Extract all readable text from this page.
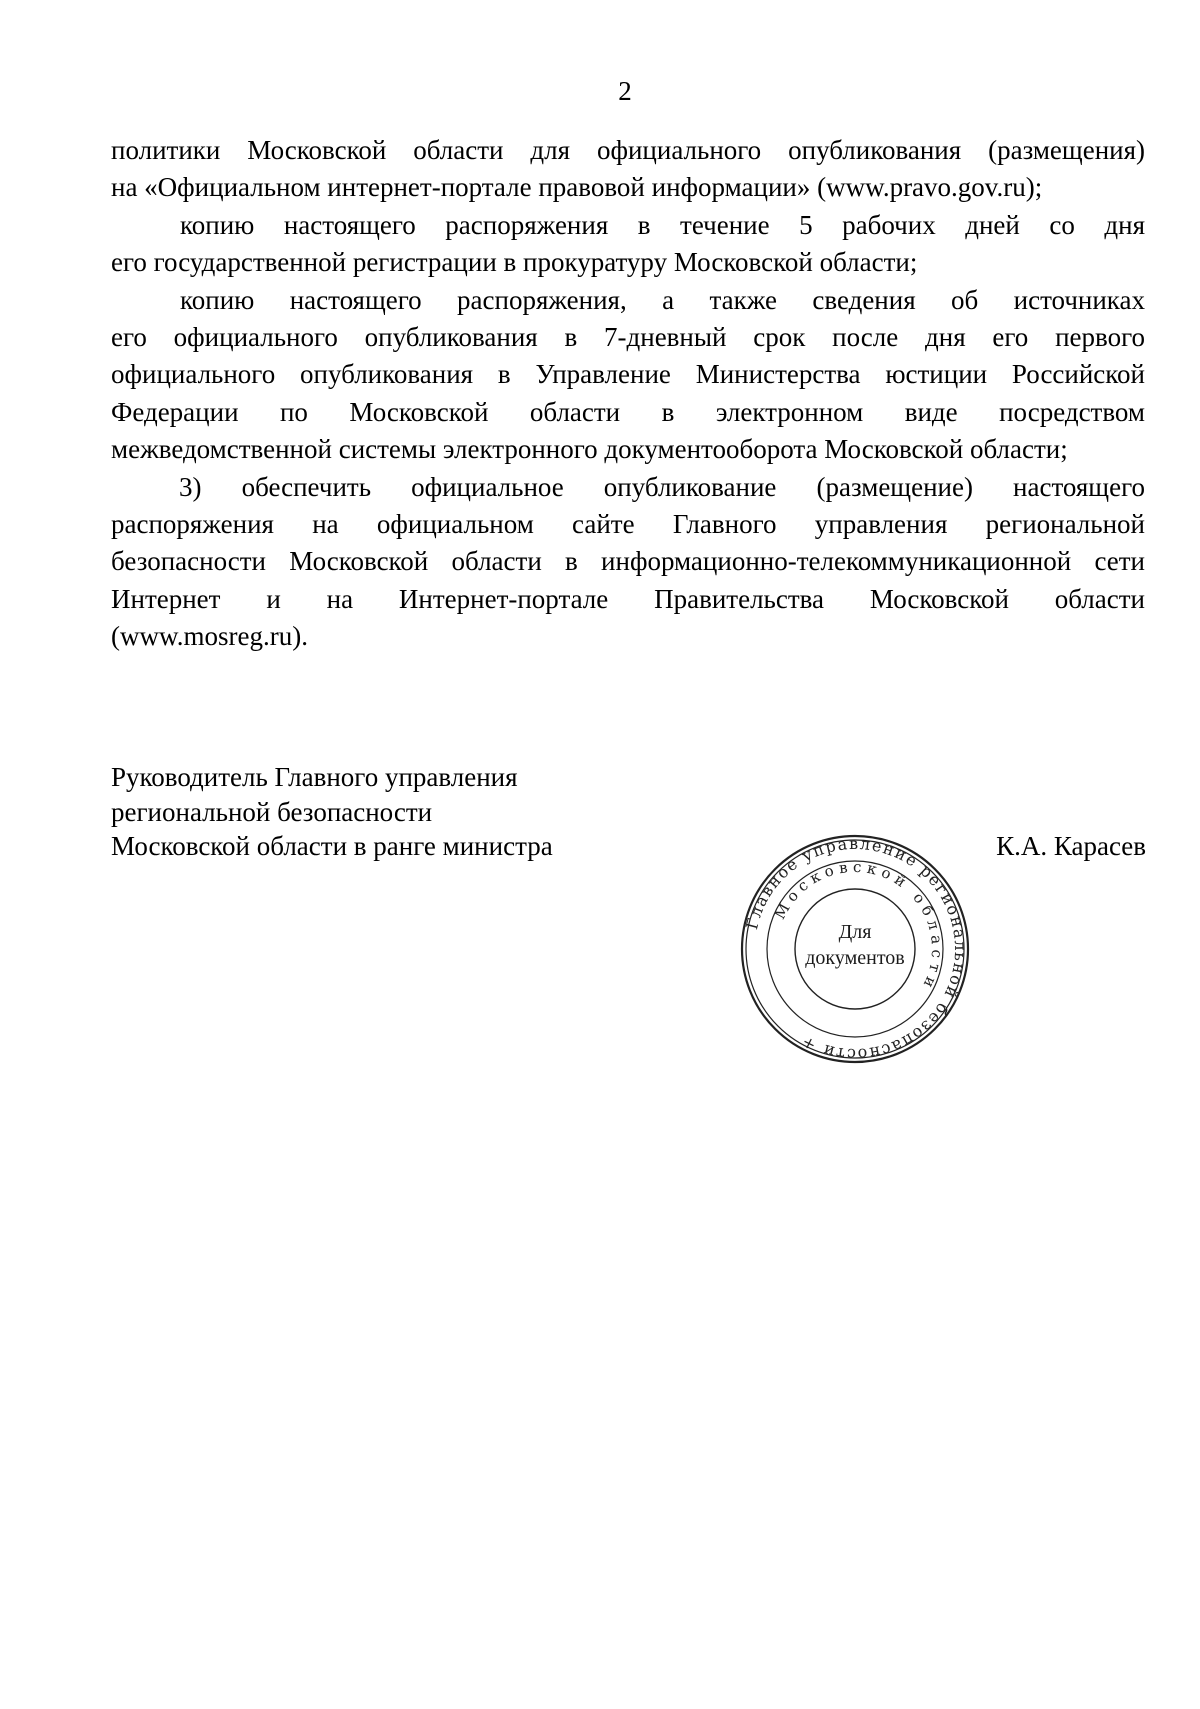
2

политики Московской области для официального опубликования (размещения)

на «Официальном интернет-портале правовой информации» (www.pravo.gov.ru);

копию настоящего распоряжения в течение 5 рабочих дней со дня

его государственной регистрации в прокуратуру Московской области;

копию настоящего распоряжения, а также сведения об источниках

его официального опубликования в 7-дневный срок после дня его первого

официального опубликования в Управление Министерства юстиции Российской

Федерации по Московской области в электронном виде посредством

межведомственной системы электронного документооборота Московской области;

3) обеспечить официальное опубликование (размещение) настоящего

распоряжения на официальном сайте Главного управления региональной

безопасности Московской области в информационно-телекоммуникационной сети

Интернет и на Интернет-портале Правительства Московской области

(www.mosreg.ru).

Руководитель Главного управления
региональной безопасности
Московской области в ранге министра	К.А. Карасев
Главное управление региональной безопасности +
Московской области
Для
документов
